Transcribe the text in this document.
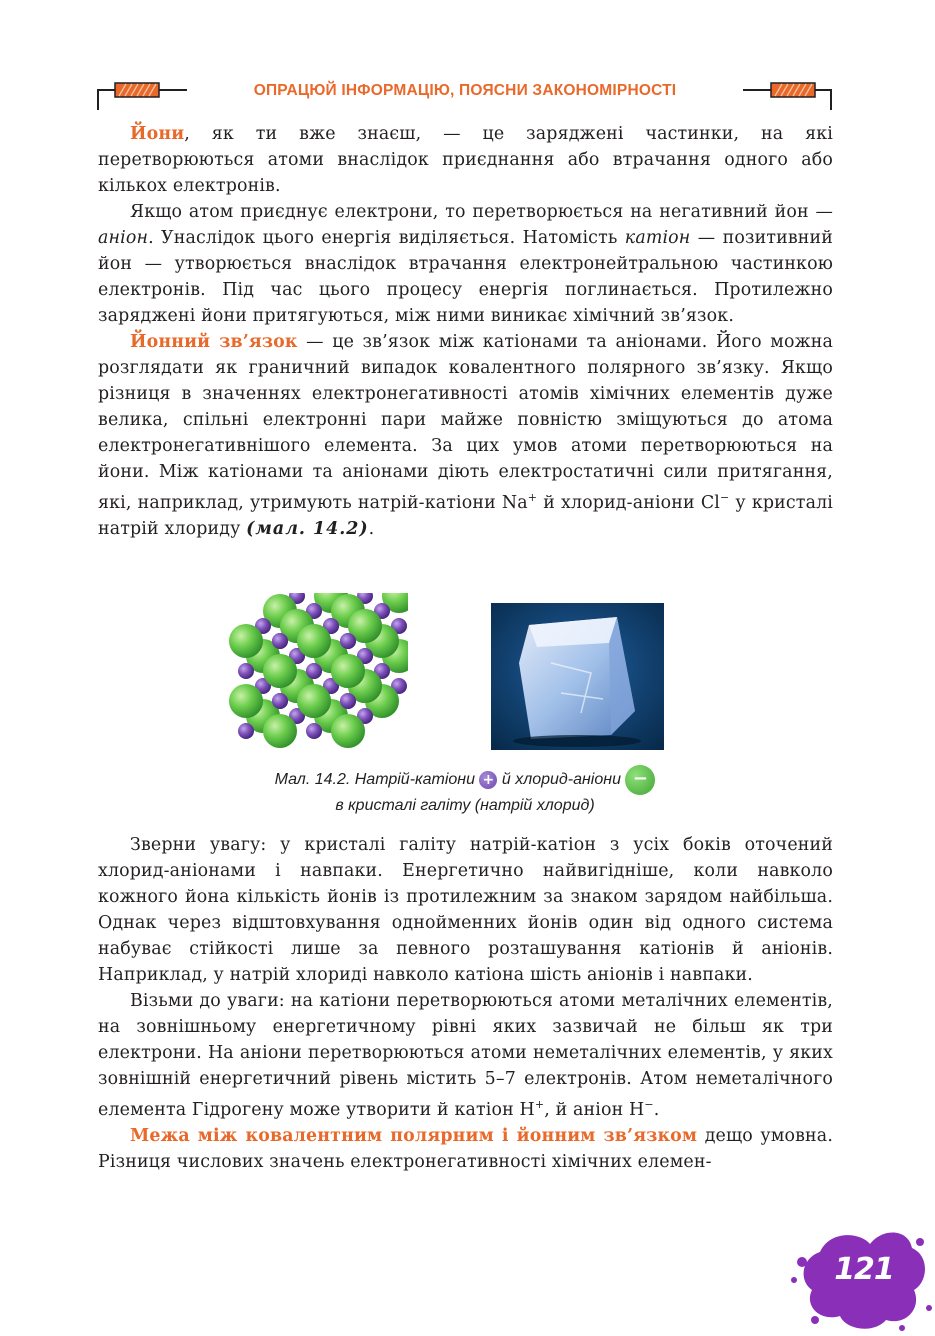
ОПРАЦЮЙ ІНФОРМАЦІЮ, ПОЯСНИ ЗАКОНОМІРНОСТІ

Йони, як ти вже знаєш, — це заряджені частинки, на які перетворюються атоми внаслідок приєднання або втрачання одного або кількох електронів.

Якщо атом приєднує електрони, то перетворюється на негативний йон — аніон. Унаслідок цього енергія виділяється. Натомість катіон — позитивний йон — утворюється внаслідок втрачання електронейтральною частинкою електронів. Під час цього процесу енергія поглинається. Протилежно заряджені йони притягуються, між ними виникає хімічний зв’язок.

Йонний зв’язок — це зв’язок між катіонами та аніонами. Його можна розглядати як граничний випадок ковалентного полярного зв’язку. Якщо різниця в значеннях електронегативності атомів хімічних елементів дуже велика, спільні електронні пари майже повністю зміщуються до атома електронегативнішого елемента. За цих умов атоми перетворюються на йони. Між катіонами та аніонами діють електростатичні сили притягання, які, наприклад, утримують натрій-катіони Na+ й хлорид-аніони Cl− у кристалі натрій хлориду (мал. 14.2).

Мал. 14.2. Натрій-катіони + й хлорид-аніони −
в кристалі галіту (натрій хлорид)

Зверни увагу: у кристалі галіту натрій-катіон з усіх боків оточений хлорид-аніонами і навпаки. Енергетично найвигідніше, коли навколо кожного йона кількість йонів із протилежним за знаком зарядом найбільша. Однак через відштовхування однойменних йонів один від одного система набуває стійкості лише за певного розташування катіонів й аніонів. Наприклад, у натрій хлориді навколо катіона шість аніонів і навпаки.

Візьми до уваги: на катіони перетворюються атоми металічних елементів, на зовнішньому енергетичному рівні яких зазвичай не більш як три електрони. На аніони перетворюються атоми неметалічних елементів, у яких зовнішній енергетичний рівень містить 5–7 електронів. Атом неметалічного елемента Гідрогену може утворити й катіон H+, й аніон H−.

Межа між ковалентним полярним і йонним зв’язком дещо умовна. Різниця числових значень електронегативності хімічних елемен-

121
